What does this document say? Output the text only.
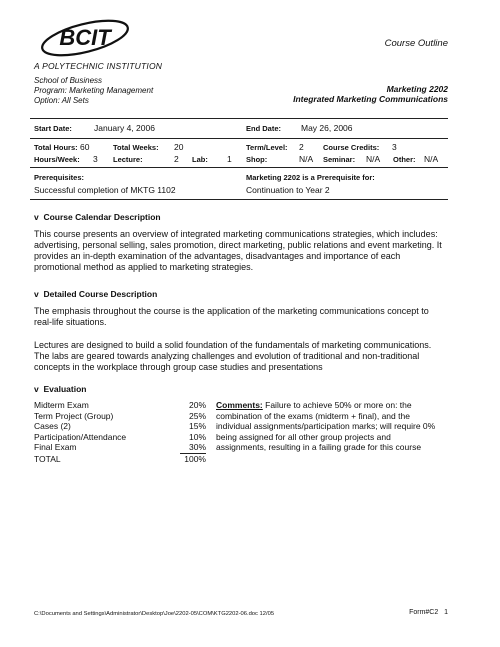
BCIT
A POLYTECHNIC INSTITUTION
Course Outline
School of Business
Program: Marketing Management
Option: All Sets
Marketing 2202
Integrated Marketing Communications
Start Date:	January 4, 2006	End Date: May 26, 2006
Total Hours: 60	Total Weeks: 20	Term/Level: 2	Course Credits: 3
Hours/Week: 3 Lecture:	2 Lab: 1 Shop:	N/A Seminar: N/A Other: N/A
Prerequisites:
Successful completion of MKTG 1102
Marketing 2202 is a Prerequisite for:
Continuation to Year 2
v Course Calendar Description
This course presents an overview of integrated marketing communications strategies, which includes: advertising, personal selling, sales promotion, direct marketing, public relations and event marketing. It provides an in-depth examination of the advantages, disadvantages and importance of each promotional method as applied to marketing strategies.
v Detailed Course Description
The emphasis throughout the course is the application of the marketing communications concept to real-life situations.
Lectures are designed to build a solid foundation of the fundamentals of marketing communications. The labs are geared towards analyzing challenges and evolution of traditional and non-traditional concepts in the workplace through group case studies and presentations
v Evaluation
Midterm Exam	20%
Term Project (Group)	25%
Cases (2)	15%
Participation/Attendance	10%
Final Exam	30%
TOTAL	100%
Comments: Failure to achieve 50% or more on: the combination of the exams (midterm + final), and the individual assignments/participation marks; will require 0% being assigned for all other group projects and assignments, resulting in a failing grade for this course
C:\Documents and Settings\Administrator\Desktop\Joe\2202-05\COM\KTG2202-06.doc 12/05	Form#C2 1
